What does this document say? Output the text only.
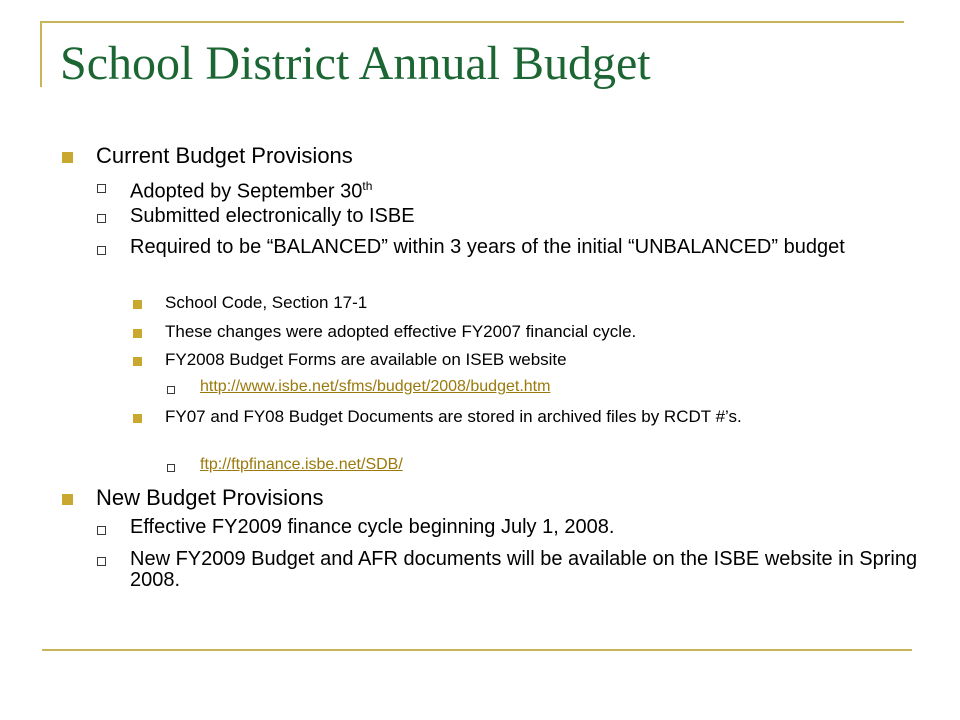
School District Annual Budget
Current Budget Provisions
Adopted by September 30th
Submitted electronically to ISBE
Required to be “BALANCED” within 3 years of the initial “UNBALANCED” budget
School Code, Section 17-1
These changes were adopted effective FY2007 financial cycle.
FY2008 Budget Forms are available on ISEB website
http://www.isbe.net/sfms/budget/2008/budget.htm
FY07 and FY08 Budget Documents are stored in archived files by RCDT #’s.
ftp://ftpfinance.isbe.net/SDB/
New Budget Provisions
Effective FY2009 finance cycle beginning July 1, 2008.
New FY2009 Budget and AFR documents will be available on the ISBE website in Spring 2008.
